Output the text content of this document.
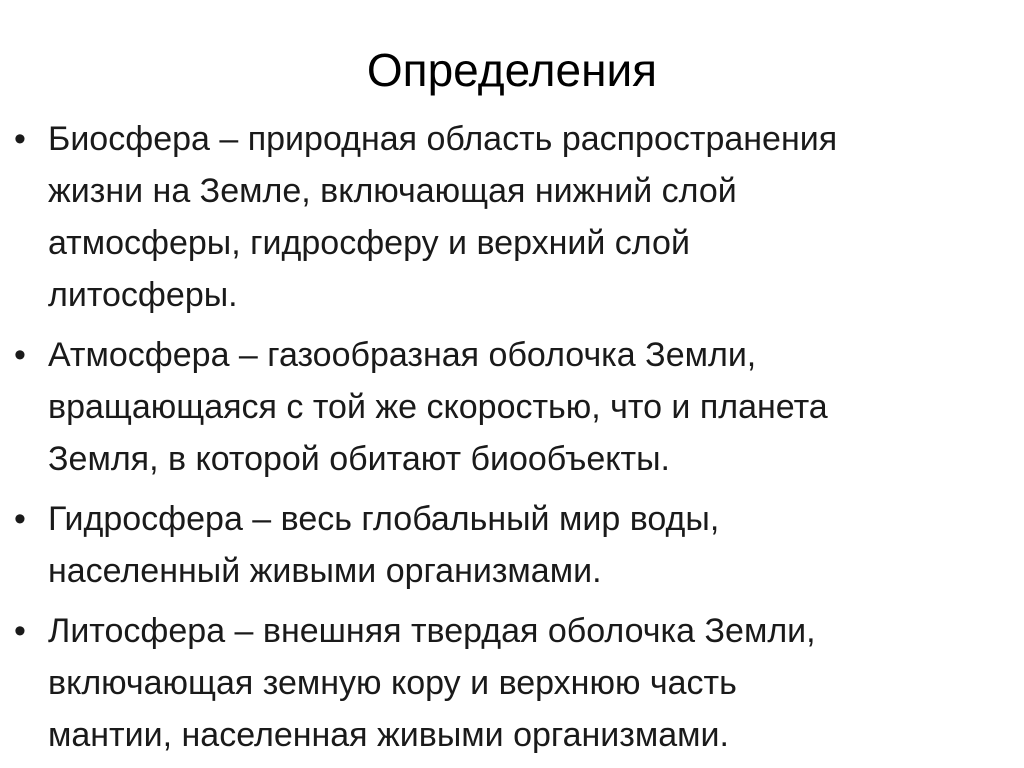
Определения
• Биосфера – природная область распространения
жизни на Земле, включающая нижний слой
атмосферы, гидросферу и верхний слой
литосферы.
• Атмосфера – газообразная оболочка Земли,
вращающаяся с той же скоростью, что и планета
Земля, в которой обитают биообъекты.
• Гидросфера – весь глобальный мир воды,
населенный живыми организмами.
• Литосфера – внешняя твердая оболочка Земли,
включающая земную кору и верхнюю часть
мантии, населенная живыми организмами.
